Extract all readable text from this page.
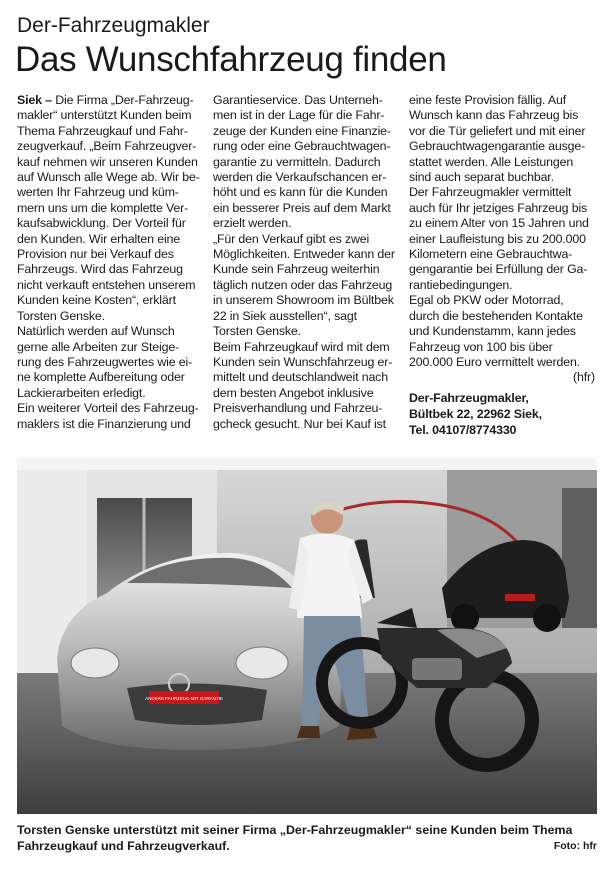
Der-Fahrzeugmakler
Das Wunschfahrzeug finden

Siek – Die Firma „Der-Fahrzeug-makler“ unterstützt Kunden beim Thema Fahrzeugkauf und Fahr-zeugverkauf. „Beim Fahrzeugver-kauf nehmen wir unseren Kunden auf Wunsch alle Wege ab. Wir be-werten Ihr Fahrzeug und küm-mern uns um die komplette Ver-kaufsabwicklung. Der Vorteil für den Kunden. Wir erhalten eine Provision nur bei Verkauf des Fahrzeugs. Wird das Fahrzeug nicht verkauft entstehen unserem Kunden keine Kosten“, erklärt Torsten Genske.

Natürlich werden auf Wunsch gerne alle Arbeiten zur Steige-rung des Fahrzeugwertes wie ei-ne komplette Aufbereitung oder Lackierarbeiten erledigt.

Ein weiterer Vorteil des Fahrzeug-maklers ist die Finanzierung und

Garantieservice. Das Unterneh-men ist in der Lage für die Fahr-zeuge der Kunden eine Finanzie-rung oder eine Gebrauchtwagen-garantie zu vermitteln. Dadurch werden die Verkaufschancen er-höht und es kann für die Kunden ein besserer Preis auf dem Markt erzielt werden.

„Für den Verkauf gibt es zwei Möglichkeiten. Entweder kann der Kunde sein Fahrzeug weiterhin täglich nutzen oder das Fahrzeug in unserem Showroom im Bültbek 22 in Siek ausstellen“, sagt Torsten Genske.

Beim Fahrzeugkauf wird mit dem Kunden sein Wunschfahrzeug er-mittelt und deutschlandweit nach dem besten Angebot inklusive Preisverhandlung und Fahrzeu-gcheck gesucht. Nur bei Kauf ist

eine feste Provision fällig. Auf Wunsch kann das Fahrzeug bis vor die Tür geliefert und mit einer Gebrauchtwagengarantie ausge-stattet werden. Alle Leistungen sind auch separat buchbar.

Der Fahrzeugmakler vermittelt auch für Ihr jetziges Fahrzeug bis zu einem Alter von 15 Jahren und einer Laufleistung bis zu 200.000 Kilometern eine Gebrauchtwa-gengarantie bei Erfüllung der Ga-rantiebedingungen.

Egal ob PKW oder Motorrad, durch die bestehenden Kontakte und Kundenstamm, kann jedes Fahrzeug von 100 bis über 200.000 Euro vermittelt werden.

(hfr)

Der-Fahrzeugmakler,
Bültbek 22, 22962 Siek,
Tel. 04107/8774330
ANDERS FAHRZEUG MIT GARANTIE
Torsten Genske unterstützt mit seiner Firma „Der-Fahrzeugmakler“ seine Kunden beim Thema Fahrzeugkauf und Fahrzeugverkauf.	Foto: hfr
